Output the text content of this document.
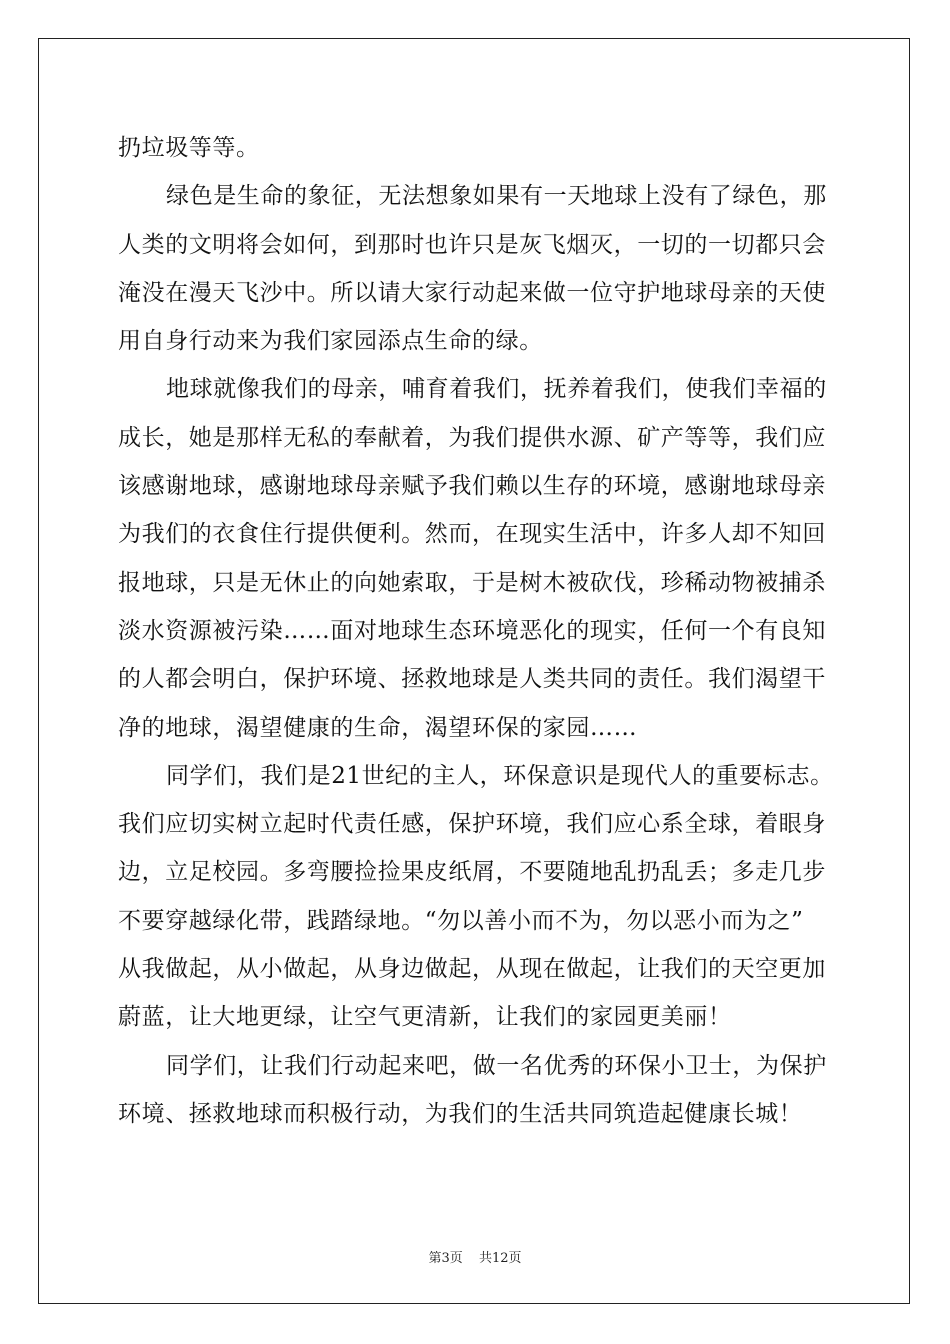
扔垃圾等等。
绿色是生命的象征，无法想象如果有一天地球上没有了绿色，那
人类的文明将会如何，到那时也许只是灰飞烟灭，一切的一切都只会
淹没在漫天飞沙中。所以请大家行动起来做一位守护地球母亲的天使
用自身行动来为我们家园添点生命的绿。
地球就像我们的母亲，哺育着我们，抚养着我们，使我们幸福的
成长，她是那样无私的奉献着，为我们提供水源、矿产等等，我们应
该感谢地球，感谢地球母亲赋予我们赖以生存的环境，感谢地球母亲
为我们的衣食住行提供便利。然而，在现实生活中，许多人却不知回
报地球，只是无休止的向她索取，于是树木被砍伐，珍稀动物被捕杀
淡水资源被污染……面对地球生态环境恶化的现实，任何一个有良知
的人都会明白，保护环境、拯救地球是人类共同的责任。我们渴望干
净的地球，渴望健康的生命，渴望环保的家园……
同学们，我们是21世纪的主人，环保意识是现代人的重要标志。
我们应切实树立起时代责任感，保护环境，我们应心系全球，着眼身
边，立足校园。多弯腰捡捡果皮纸屑，不要随地乱扔乱丢；多走几步
不要穿越绿化带，践踏绿地。“勿以善小而不为，勿以恶小而为之”
从我做起，从小做起，从身边做起，从现在做起，让我们的天空更加
蔚蓝，让大地更绿，让空气更清新，让我们的家园更美丽！
同学们，让我们行动起来吧，做一名优秀的环保小卫士，为保护
环境、拯救地球而积极行动，为我们的生活共同筑造起健康长城！
第3页 共12页
